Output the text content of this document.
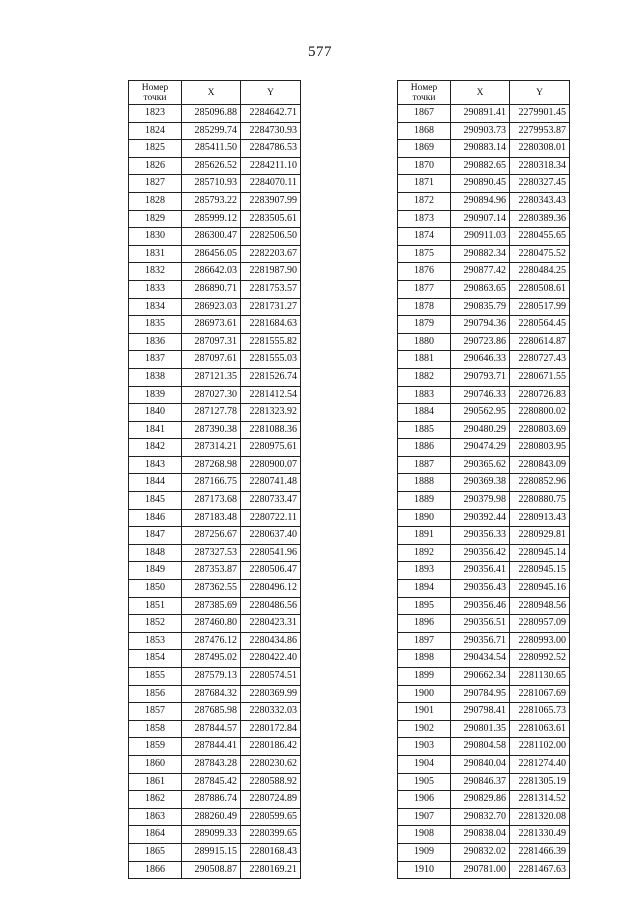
577
Номер
точки	X	Y
1823	285096.88	2284642.71
1824	285299.74	2284730.93
1825	285411.50	2284786.53
1826	285626.52	2284211.10
1827	285710.93	2284070.11
1828	285793.22	2283907.99
1829	285999.12	2283505.61
1830	286300.47	2282506.50
1831	286456.05	2282203.67
1832	286642.03	2281987.90
1833	286890.71	2281753.57
1834	286923.03	2281731.27
1835	286973.61	2281684.63
1836	287097.31	2281555.82
1837	287097.61	2281555.03
1838	287121.35	2281526.74
1839	287027.30	2281412.54
1840	287127.78	2281323.92
1841	287390.38	2281088.36
1842	287314.21	2280975.61
1843	287268.98	2280900.07
1844	287166.75	2280741.48
1845	287173.68	2280733.47
1846	287183.48	2280722.11
1847	287256.67	2280637.40
1848	287327.53	2280541.96
1849	287353.87	2280506.47
1850	287362.55	2280496.12
1851	287385.69	2280486.56
1852	287460.80	2280423.31
1853	287476.12	2280434.86
1854	287495.02	2280422.40
1855	287579.13	2280574.51
1856	287684.32	2280369.99
1857	287685.98	2280332.03
1858	287844.57	2280172.84
1859	287844.41	2280186.42
1860	287843.28	2280230.62
1861	287845.42	2280588.92
1862	287886.74	2280724.89
1863	288260.49	2280599.65
1864	289099.33	2280399.65
1865	289915.15	2280168.43
1866	290508.87	2280169.21
Номер
точки	X	Y
1867	290891.41	2279901.45
1868	290903.73	2279953.87
1869	290883.14	2280308.01
1870	290882.65	2280318.34
1871	290890.45	2280327.45
1872	290894.96	2280343.43
1873	290907.14	2280389.36
1874	290911.03	2280455.65
1875	290882.34	2280475.52
1876	290877.42	2280484.25
1877	290863.65	2280508.61
1878	290835.79	2280517.99
1879	290794.36	2280564.45
1880	290723.86	2280614.87
1881	290646.33	2280727.43
1882	290793.71	2280671.55
1883	290746.33	2280726.83
1884	290562.95	2280800.02
1885	290480.29	2280803.69
1886	290474.29	2280803.95
1887	290365.62	2280843.09
1888	290369.38	2280852.96
1889	290379.98	2280880.75
1890	290392.44	2280913.43
1891	290356.33	2280929.81
1892	290356.42	2280945.14
1893	290356.41	2280945.15
1894	290356.43	2280945.16
1895	290356.46	2280948.56
1896	290356.51	2280957.09
1897	290356.71	2280993.00
1898	290434.54	2280992.52
1899	290662.34	2281130.65
1900	290784.95	2281067.69
1901	290798.41	2281065.73
1902	290801.35	2281063.61
1903	290804.58	2281102.00
1904	290840.04	2281274.40
1905	290846.37	2281305.19
1906	290829.86	2281314.52
1907	290832.70	2281320.08
1908	290838.04	2281330.49
1909	290832.02	2281466.39
1910	290781.00	2281467.63
